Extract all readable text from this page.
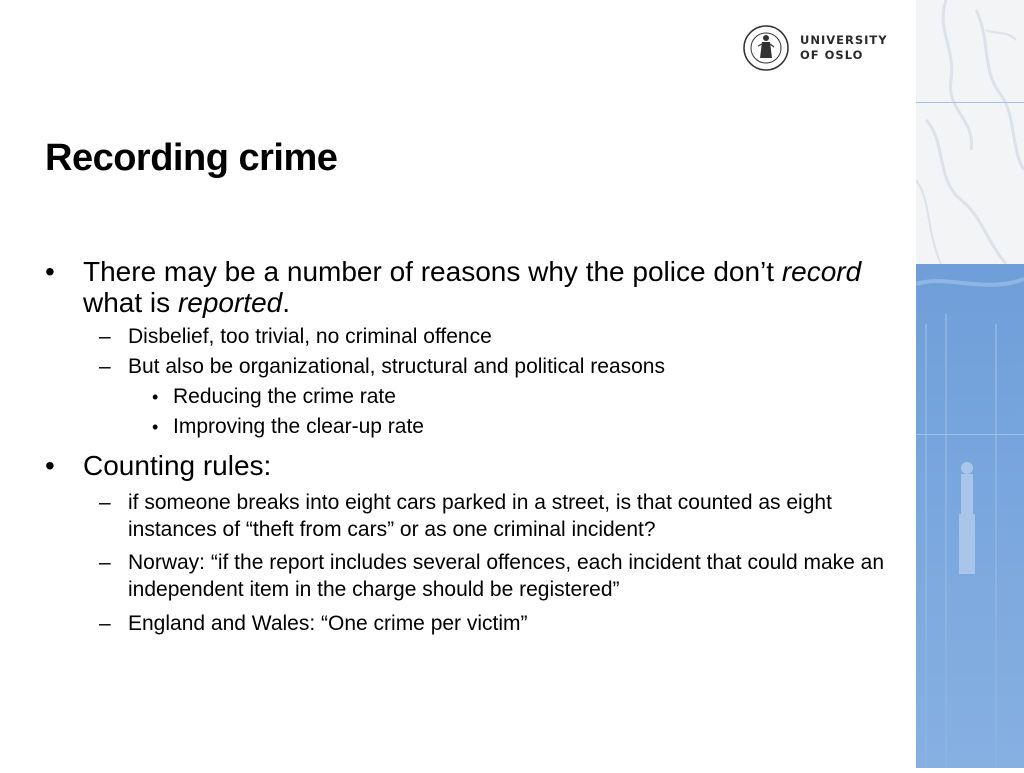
UNIVERSITY
OF OSLO
Recording crime
• There may be a number of reasons why the police don’t record what is reported.
– Disbelief, too trivial, no criminal offence
– But also be organizational, structural and political reasons
• Reducing the crime rate
• Improving the clear-up rate
• Counting rules:
– if someone breaks into eight cars parked in a street, is that counted as eight instances of “theft from cars” or as one criminal incident?
– Norway: “if the report includes several offences, each incident that could make an independent item in the charge should be registered”
– England and Wales: “One crime per victim”
